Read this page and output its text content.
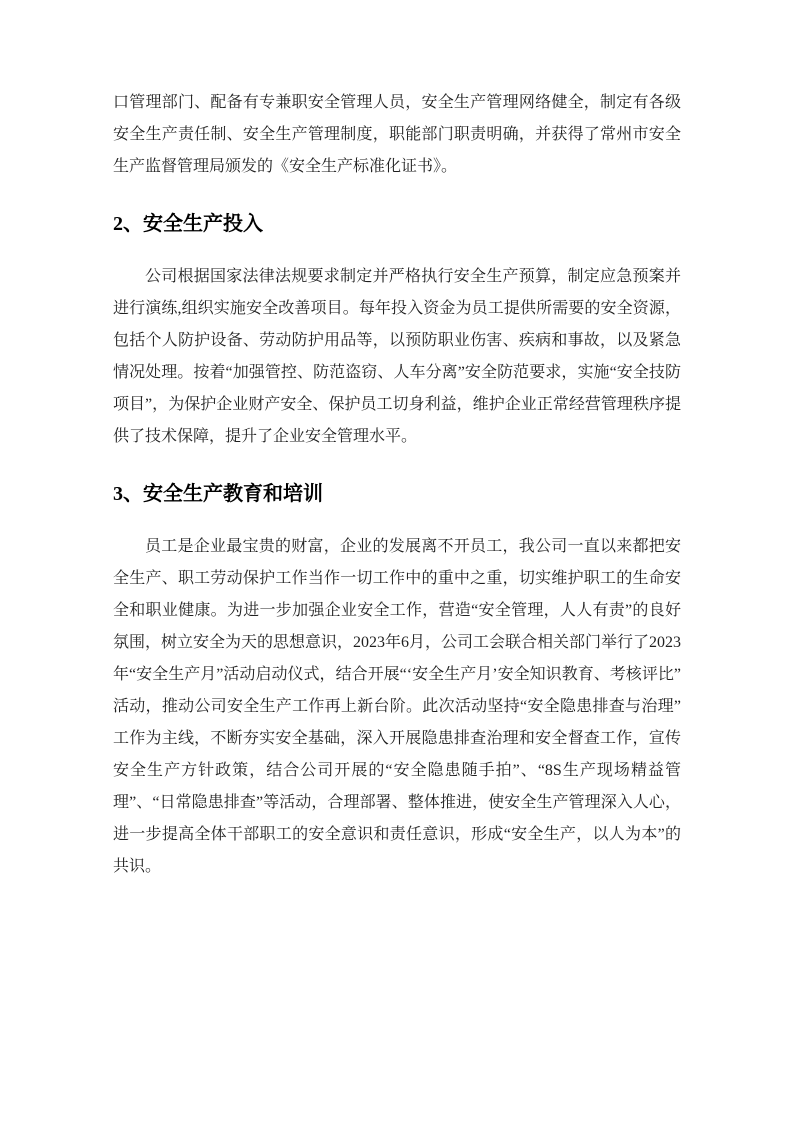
口管理部门、配备有专兼职安全管理人员，安全生产管理网络健全，制定有各级安全生产责任制、安全生产管理制度，职能部门职责明确，并获得了常州市安全生产监督管理局颁发的《安全生产标准化证书》。

2、安全生产投入

公司根据国家法律法规要求制定并严格执行安全生产预算，制定应急预案并进行演练,组织实施安全改善项目。每年投入资金为员工提供所需要的安全资源，包括个人防护设备、劳动防护用品等，以预防职业伤害、疾病和事故，以及紧急情况处理。按着“加强管控、防范盗窃、人车分离”安全防范要求，实施“安全技防项目”，为保护企业财产安全、保护员工切身利益，维护企业正常经营管理秩序提供了技术保障，提升了企业安全管理水平。

3、安全生产教育和培训

员工是企业最宝贵的财富，企业的发展离不开员工，我公司一直以来都把安全生产、职工劳动保护工作当作一切工作中的重中之重，切实维护职工的生命安全和职业健康。为进一步加强企业安全工作，营造“安全管理，人人有责”的良好氛围，树立安全为天的思想意识，2023年6月，公司工会联合相关部门举行了2023年“安全生产月”活动启动仪式，结合开展“‘安全生产月’安全知识教育、考核评比”活动，推动公司安全生产工作再上新台阶。此次活动坚持“安全隐患排查与治理”工作为主线，不断夯实安全基础，深入开展隐患排查治理和安全督查工作，宣传安全生产方针政策，结合公司开展的“安全隐患随手拍”、“8S生产现场精益管理”、“日常隐患排查”等活动，合理部署、整体推进，使安全生产管理深入人心，进一步提高全体干部职工的安全意识和责任意识，形成“安全生产，以人为本”的共识。
